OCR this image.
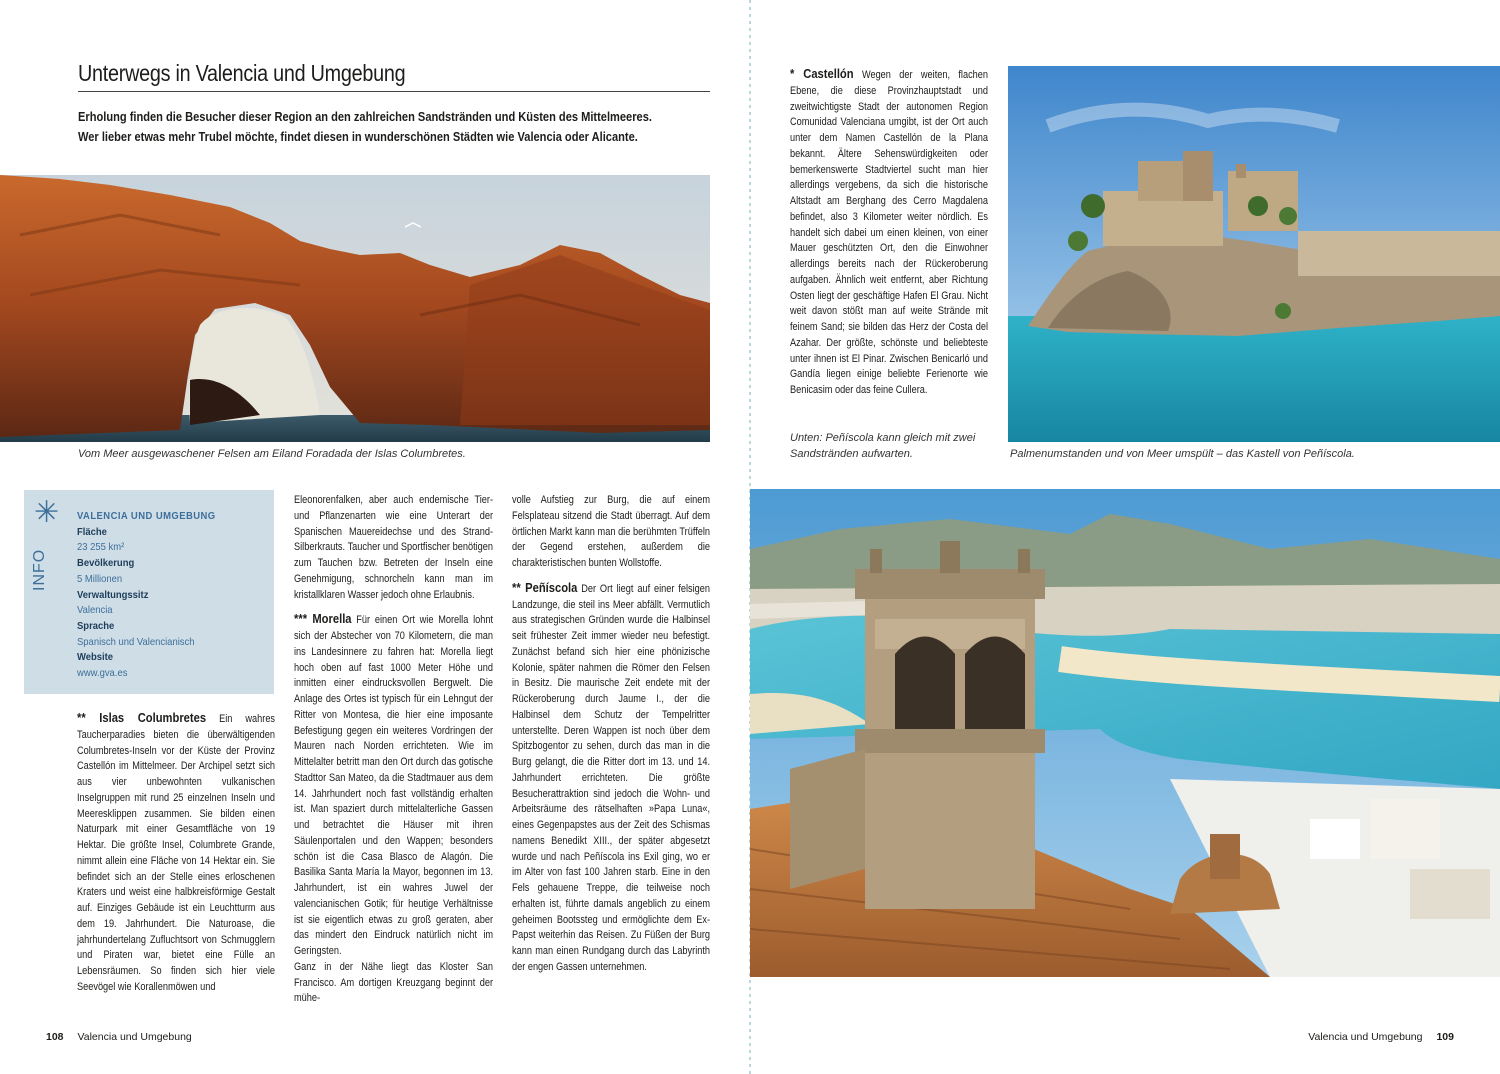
Unterwegs in Valencia und Umgebung

Erholung finden die Besucher dieser Region an den zahlreichen Sandstränden und Küsten des Mittelmeeres.

Wer lieber etwas mehr Trubel möchte, findet diesen in wunderschönen Städten wie Valencia oder Alicante.

Vom Meer ausgewaschener Felsen am Eiland Foradada der Islas Columbretes.
✳
INFO
VALENCIA UND UMGEBUNG
Fläche
23 255 km²
Bevölkerung
5 Millionen
Verwaltungssitz
Valencia
Sprache
Spanisch und Valencianisch
Website
www.gva.es

** Islas Columbretes Ein wahres Taucherparadies bieten die überwältigenden Columbretes-Inseln vor der Küste der Provinz Castellón im Mittelmeer. Der Archipel setzt sich aus vier unbewohnten vulkanischen Inselgruppen mit rund 25 einzelnen Inseln und Meeresklippen zusammen. Sie bilden einen Naturpark mit einer Gesamtfläche von 19 Hektar. Die größte Insel, Columbrete Grande, nimmt allein eine Fläche von 14 Hektar ein. Sie befindet sich an der Stelle eines erloschenen Kraters und weist eine halbkreisförmige Gestalt auf. Einziges Gebäude ist ein Leuchtturm aus dem 19. Jahrhundert. Die Naturoase, die jahrhundertelang Zufluchtsort von Schmugglern und Piraten war, bietet eine Fülle an Lebensräumen. So finden sich hier viele Seevögel wie Korallenmöwen und

Eleonorenfalken, aber auch endemische Tier- und Pflanzenarten wie eine Unterart der Spanischen Mauereidechse und des Strand-Silberkrauts. Taucher und Sportfischer benötigen zum Tauchen bzw. Betreten der Inseln eine Genehmigung, schnorcheln kann man im kristallklaren Wasser jedoch ohne Erlaubnis.

*** Morella Für einen Ort wie Morella lohnt sich der Abstecher von 70 Kilometern, die man ins Landesinnere zu fahren hat: Morella liegt hoch oben auf fast 1000 Meter Höhe und inmitten einer eindrucksvollen Bergwelt. Die Anlage des Ortes ist typisch für ein Lehngut der Ritter von Montesa, die hier eine imposante Befestigung gegen ein weiteres Vordringen der Mauren nach Norden errichteten. Wie im Mittelalter betritt man den Ort durch das gotische Stadttor San Mateo, da die Stadtmauer aus dem 14. Jahrhundert noch fast vollständig erhalten ist. Man spaziert durch mittelalterliche Gassen und betrachtet die Häuser mit ihren Säulenportalen und den Wappen; besonders schön ist die Casa Blasco de Alagón. Die Basilika Santa María la Mayor, begonnen im 13. Jahrhundert, ist ein wahres Juwel der valencianischen Gotik; für heutige Verhältnisse ist sie eigentlich etwas zu groß geraten, aber das mindert den Eindruck natürlich nicht im Geringsten.

Ganz in der Nähe liegt das Kloster San Francisco. Am dortigen Kreuzgang beginnt der mühe-

volle Aufstieg zur Burg, die auf einem Felsplateau sitzend die Stadt überragt. Auf dem örtlichen Markt kann man die berühmten Trüffeln der Gegend erstehen, außerdem die charakteristischen bunten Wollstoffe.

** Peñíscola Der Ort liegt auf einer felsigen Landzunge, die steil ins Meer abfällt. Vermutlich aus strategischen Gründen wurde die Halbinsel seit frühester Zeit immer wieder neu befestigt. Zunächst befand sich hier eine phönizische Kolonie, später nahmen die Römer den Felsen in Besitz. Die maurische Zeit endete mit der Rückeroberung durch Jaume I., der die Halbinsel dem Schutz der Tempelritter unterstellte. Deren Wappen ist noch über dem Spitzbogentor zu sehen, durch das man in die Burg gelangt, die die Ritter dort im 13. und 14. Jahrhundert errichteten. Die größte Besucherattraktion sind jedoch die Wohn- und Arbeitsräume des rätselhaften »Papa Luna«, eines Gegenpapstes aus der Zeit des Schismas namens Benedikt XIII., der später abgesetzt wurde und nach Peñíscola ins Exil ging, wo er im Alter von fast 100 Jahren starb. Eine in den Fels gehauene Treppe, die teilweise noch erhalten ist, führte damals angeblich zu einem geheimen Bootssteg und ermöglichte dem Ex-Papst weiterhin das Reisen. Zu Füßen der Burg kann man einen Rundgang durch das Labyrinth der engen Gassen unternehmen.

108 Valencia und Umgebung

* Castellón Wegen der weiten, flachen Ebene, die diese Provinzhauptstadt und zweitwichtigste Stadt der autonomen Region Comunidad Valenciana umgibt, ist der Ort auch unter dem Namen Castellón de la Plana bekannt. Ältere Sehenswürdigkeiten oder bemerkenswerte Stadtviertel sucht man hier allerdings vergebens, da sich die historische Altstadt am Berghang des Cerro Magdalena befindet, also 3 Kilometer weiter nördlich. Es handelt sich dabei um einen kleinen, von einer Mauer geschützten Ort, den die Einwohner allerdings bereits nach der Rückeroberung aufgaben. Ähnlich weit entfernt, aber Richtung Osten liegt der geschäftige Hafen El Grau. Nicht weit davon stößt man auf weite Strände mit feinem Sand; sie bilden das Herz der Costa del Azahar. Der größte, schönste und beliebteste unter ihnen ist El Pinar. Zwischen Benicarló und Gandía liegen einige beliebte Ferienorte wie Benicasim oder das feine Cullera.

Unten: Peñíscola kann gleich mit zwei Sandstränden aufwarten.	Palmenumstanden und von Meer umspült – das Kastell von Peñíscola.
Valencia und Umgebung 109
